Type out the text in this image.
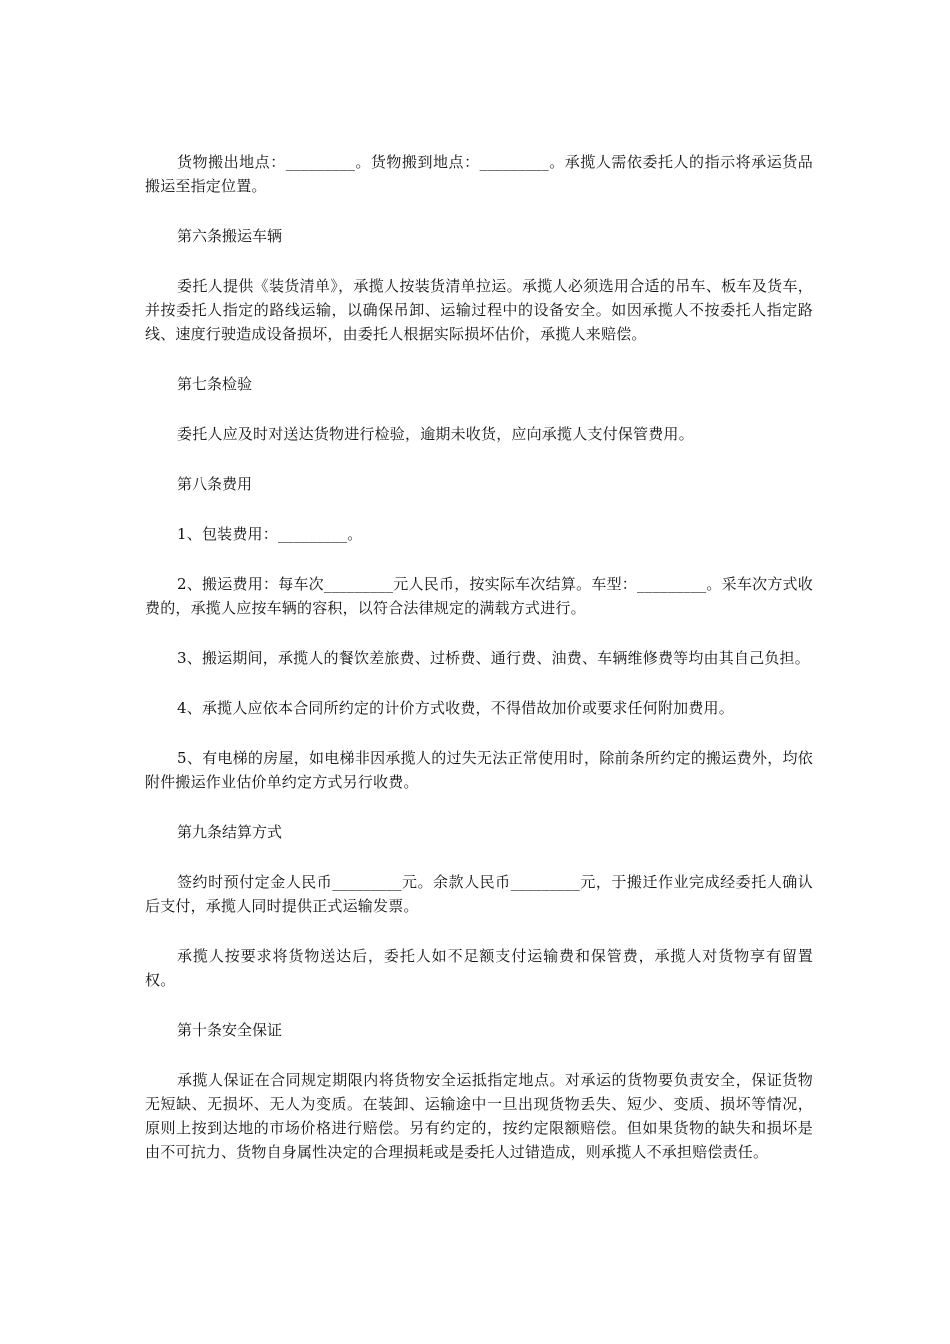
货物搬出地点：_________。货物搬到地点：_________。承揽人需依委托人的指示将承运货品搬运至指定位置。

第六条搬运车辆

委托人提供《装货清单》，承揽人按装货清单拉运。承揽人必须选用合适的吊车、板车及货车，并按委托人指定的路线运输，以确保吊卸、运输过程中的设备安全。如因承揽人不按委托人指定路线、速度行驶造成设备损坏，由委托人根据实际损坏估价，承揽人来赔偿。

第七条检验

委托人应及时对送达货物进行检验，逾期未收货，应向承揽人支付保管费用。

第八条费用

1、包装费用：_________。

2、搬运费用：每车次_________元人民币，按实际车次结算。车型：_________。采车次方式收费的，承揽人应按车辆的容积，以符合法律规定的满载方式进行。

3、搬运期间，承揽人的餐饮差旅费、过桥费、通行费、油费、车辆维修费等均由其自己负担。

4、承揽人应依本合同所约定的计价方式收费，不得借故加价或要求任何附加费用。

5、有电梯的房屋，如电梯非因承揽人的过失无法正常使用时，除前条所约定的搬运费外，均依附件搬运作业估价单约定方式另行收费。

第九条结算方式

签约时预付定金人民币_________元。余款人民币_________元，于搬迁作业完成经委托人确认后支付，承揽人同时提供正式运输发票。

承揽人按要求将货物送达后，委托人如不足额支付运输费和保管费，承揽人对货物享有留置权。

第十条安全保证

承揽人保证在合同规定期限内将货物安全运抵指定地点。对承运的货物要负责安全，保证货物无短缺、无损坏、无人为变质。在装卸、运输途中一旦出现货物丢失、短少、变质、损坏等情况，原则上按到达地的市场价格进行赔偿。另有约定的，按约定限额赔偿。但如果货物的缺失和损坏是由不可抗力、货物自身属性决定的合理损耗或是委托人过错造成，则承揽人不承担赔偿责任。
